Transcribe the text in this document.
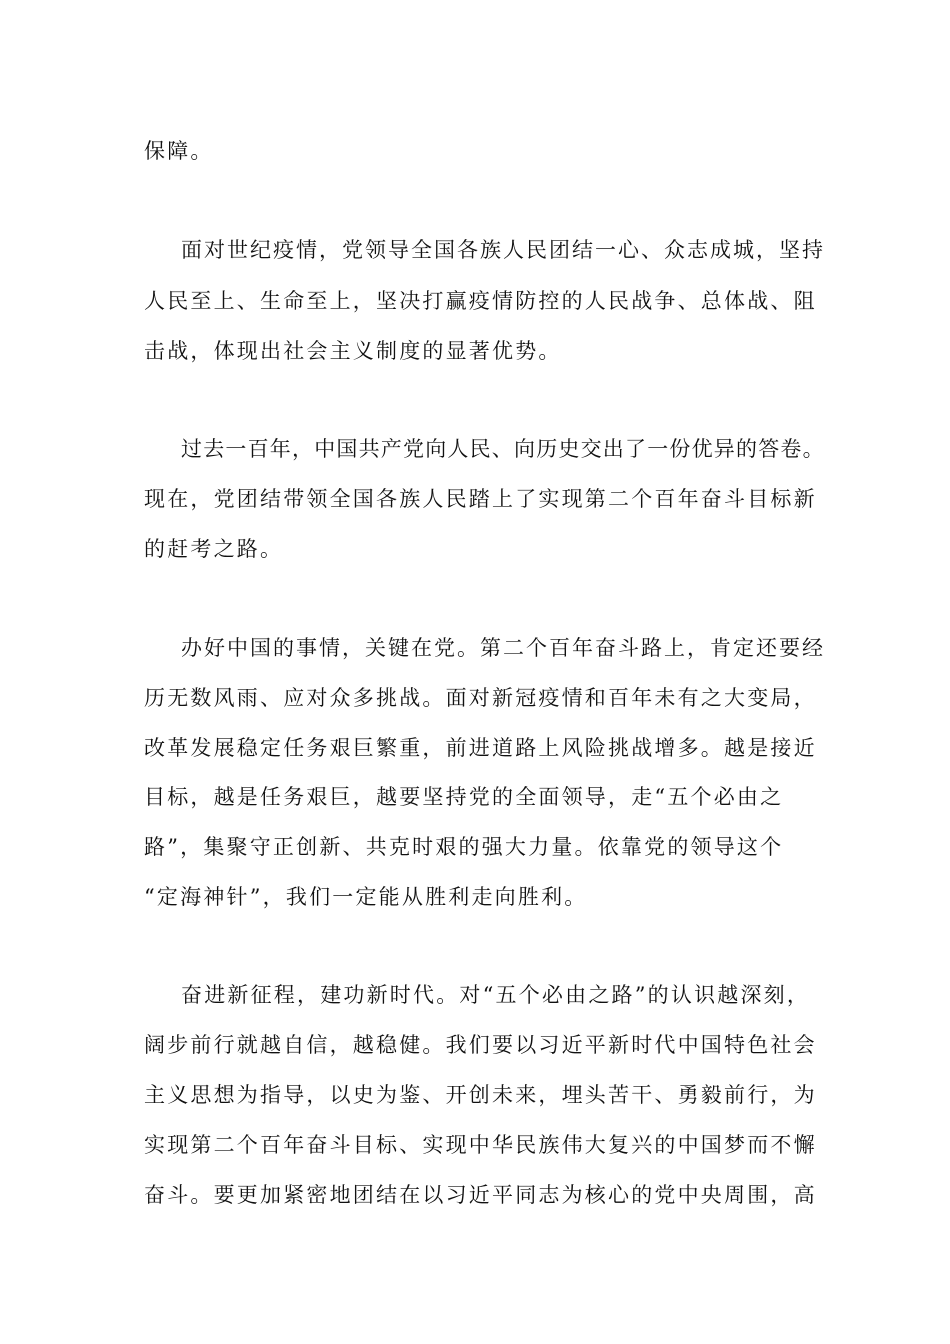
保障。
面对世纪疫情，党领导全国各族人民团结一心、众志成城，坚持
人民至上、生命至上，坚决打赢疫情防控的人民战争、总体战、阻
击战，体现出社会主义制度的显著优势。
过去一百年，中国共产党向人民、向历史交出了一份优异的答卷。
现在，党团结带领全国各族人民踏上了实现第二个百年奋斗目标新
的赶考之路。
办好中国的事情，关键在党。第二个百年奋斗路上，肯定还要经
历无数风雨、应对众多挑战。面对新冠疫情和百年未有之大变局，
改革发展稳定任务艰巨繁重，前进道路上风险挑战增多。越是接近
目标，越是任务艰巨，越要坚持党的全面领导，走“五个必由之
路”，集聚守正创新、共克时艰的强大力量。依靠党的领导这个
“定海神针”，我们一定能从胜利走向胜利。
奋进新征程，建功新时代。对“五个必由之路”的认识越深刻，
阔步前行就越自信，越稳健。我们要以习近平新时代中国特色社会
主义思想为指导，以史为鉴、开创未来，埋头苦干、勇毅前行，为
实现第二个百年奋斗目标、实现中华民族伟大复兴的中国梦而不懈
奋斗。要更加紧密地团结在以习近平同志为核心的党中央周围，高
